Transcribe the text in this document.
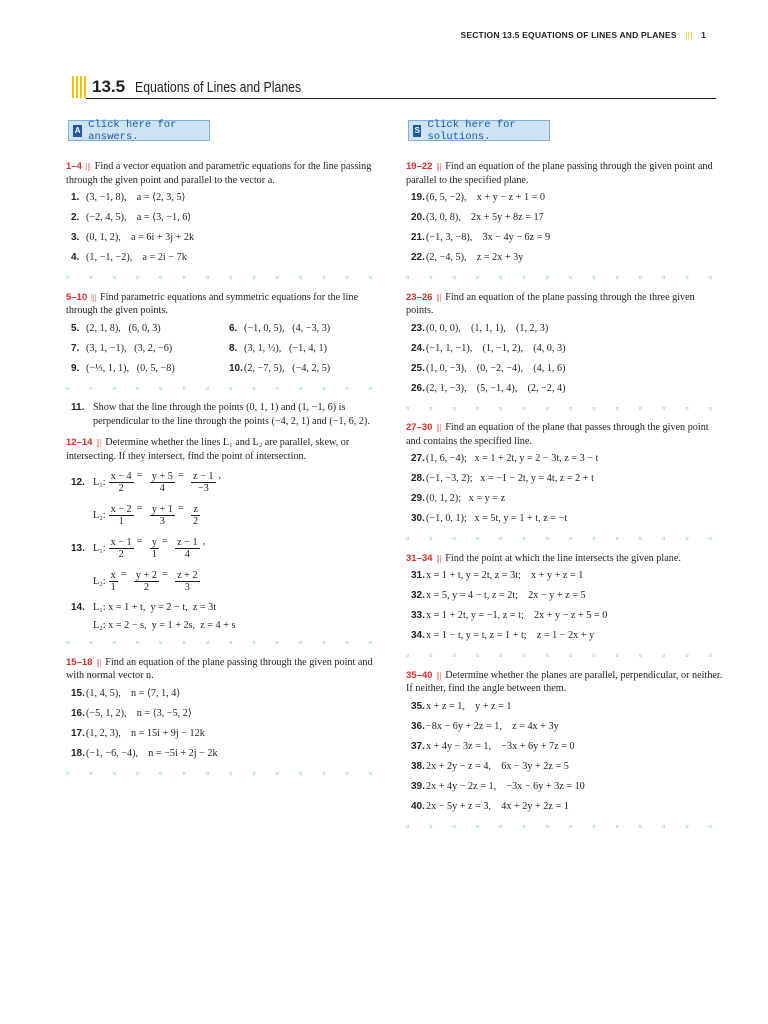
SECTION 13.5 EQUATIONS OF LINES AND PLANES ||| 1
13.5 Equations of Lines and Planes
A Click here for answers.	S Click here for solutions.

1–4 ||| Find a vector equation and parametric equations for the line passing through the given point and parallel to the vector a.

1. (3, −1, 8),    a = ⟨2, 3, 5⟩
2. (−2, 4, 5),    a = ⟨3, −1, 6⟩
3. (0, 1, 2),    a = 6i + 3j + 2k
4. (1, −1, −2),    a = 2i − 7k
▫ ▫ ▫ ▫ ▫ ▫ ▫ ▫ ▫ ▫ ▫ ▫ ▫ ▫

5–10 ||| Find parametric equations and symmetric equations for the line through the given points.

5. (2, 1, 8),   (6, 0, 3)	6. (−1, 0, 5),   (4, −3, 3)
7. (3, 1, −1),   (3, 2, −6)	8. (3, 1, ½),   (−1, 4, 1)
9. (−⅓, 1, 1),   (0, 5, −8)	10. (2, −7, 5),   (−4, 2, 5)
▫ ▫ ▫ ▫ ▫ ▫ ▫ ▫ ▫ ▫ ▫ ▫ ▫ ▫
11. Show that the line through the points (0, 1, 1) and (1, −1, 6) is perpendicular to the line through the points (−4, 2, 1) and (−1, 6, 2).

12–14 ||| Determine whether the lines L₁ and L₂ are parallel, skew, or intersecting. If they intersect, find the point of intersection.

12. L₁: $\frac{x - 4}{2}$ =
$\frac{y + 5}{4}$ =
$\frac{z - 1}{-3}$ ,

L₂: $\frac{x - 2}{1}$ =
$\frac{y + 1}{3}$ =
$\frac{z}{2}$
13. L₁: $\frac{x - 1}{2}$ =
$\frac{y}{1}$ =
$\frac{z - 1}{4}$ ,

L₂: $\frac{x}{1}$ =
$\frac{y + 2}{2}$ =
$\frac{z + 2}{3}$
14. L₁: x = 1 + t,  y = 2 − t,  z = 3t
L₂: x = 2 − s,  y = 1 + 2s,  z = 4 + s
▫ ▫ ▫ ▫ ▫ ▫ ▫ ▫ ▫ ▫ ▫ ▫ ▫ ▫

15–18 ||| Find an equation of the plane passing through the given point and with normal vector n.

15. (1, 4, 5),    n = ⟨7, 1, 4⟩
16. (−5, 1, 2),    n = ⟨3, −5, 2⟩
17. (1, 2, 3),    n = 15i + 9j − 12k
18. (−1, −6, −4),    n = −5i + 2j − 2k
▫ ▫ ▫ ▫ ▫ ▫ ▫ ▫ ▫ ▫ ▫ ▫ ▫ ▫

19–22 ||| Find an equation of the plane passing through the given point and parallel to the specified plane.

19. (6, 5, −2),    x + y − z + 1 = 0
20. (3, 0, 8),    2x + 5y + 8z = 17
21. (−1, 3, −8),    3x − 4y − 6z = 9
22. (2, −4, 5),    z = 2x + 3y
▫ ▫ ▫ ▫ ▫ ▫ ▫ ▫ ▫ ▫ ▫ ▫ ▫ ▫

23–26 ||| Find an equation of the plane passing through the three given points.

23. (0, 0, 0),    (1, 1, 1),    (1, 2, 3)
24. (−1, 1, −1),    (1, −1, 2),    (4, 0, 3)
25. (1, 0, −3),    (0, −2, −4),    (4, 1, 6)
26. (2, 1, −3),    (5, −1, 4),    (2, −2, 4)
▫ ▫ ▫ ▫ ▫ ▫ ▫ ▫ ▫ ▫ ▫ ▫ ▫ ▫

27–30 ||| Find an equation of the plane that passes through the given point and contains the specified line.

27. (1, 6, −4);   x = 1 + 2t, y = 2 − 3t, z = 3 − t
28. (−1, −3, 2);   x = −1 − 2t, y = 4t, z = 2 + t
29. (0, 1, 2);   x = y = z
30. (−1, 0, 1);   x = 5t, y = 1 + t, z = −t
▫ ▫ ▫ ▫ ▫ ▫ ▫ ▫ ▫ ▫ ▫ ▫ ▫ ▫

31–34 ||| Find the point at which the line intersects the given plane.

31. x = 1 + t, y = 2t, z = 3t;    x + y + z = 1
32. x = 5, y = 4 − t, z = 2t;    2x − y + z = 5
33. x = 1 + 2t, y = −1, z = t;    2x + y − z + 5 = 0
34. x = 1 − t, y = t, z = 1 + t;    z = 1 − 2x + y
▫ ▫ ▫ ▫ ▫ ▫ ▫ ▫ ▫ ▫ ▫ ▫ ▫ ▫

35–40 ||| Determine whether the planes are parallel, perpendicular, or neither. If neither, find the angle between them.

35. x + z = 1,    y + z = 1
36. −8x − 6y + 2z = 1,    z = 4x + 3y
37. x + 4y − 3z = 1,    −3x + 6y + 7z = 0
38. 2x + 2y − z = 4,    6x − 3y + 2z = 5
39. 2x + 4y − 2z = 1,    −3x − 6y + 3z = 10
40. 2x − 5y + z = 3,    4x + 2y + 2z = 1
▫ ▫ ▫ ▫ ▫ ▫ ▫ ▫ ▫ ▫ ▫ ▫ ▫ ▫
